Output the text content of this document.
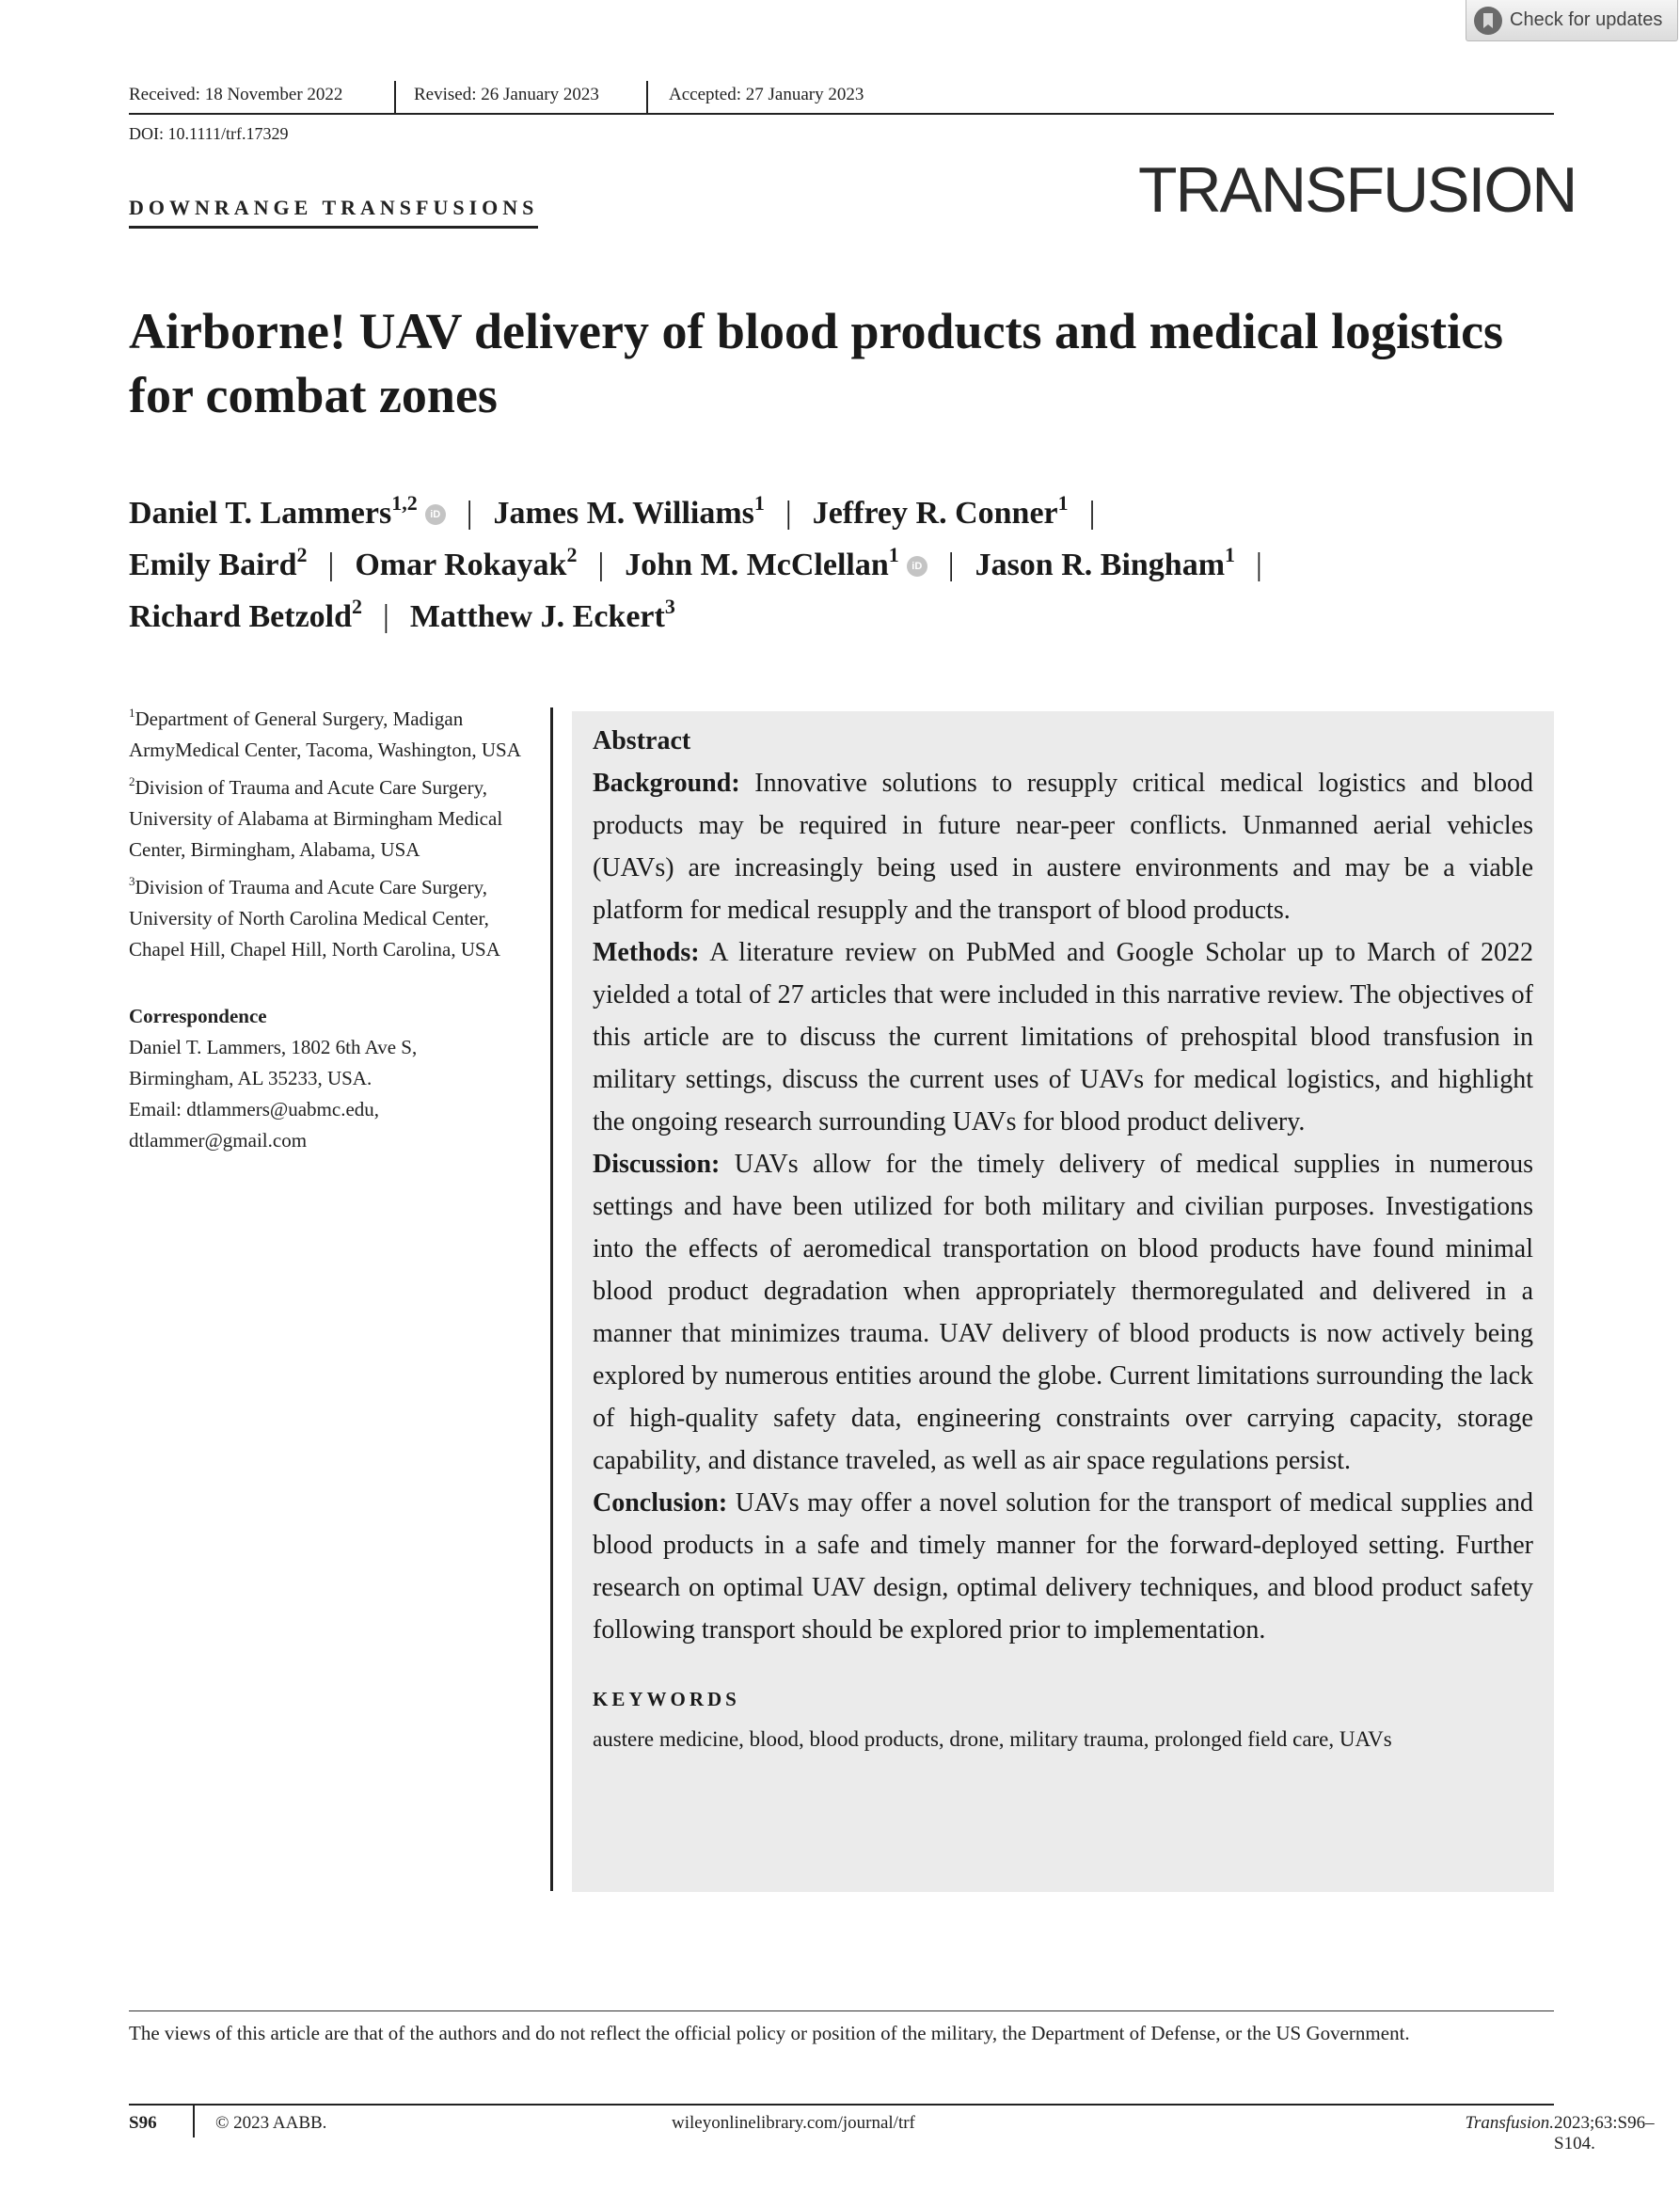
Check for updates
Received: 18 November 2022	Revised: 26 January 2023	Accepted: 27 January 2023
DOI: 10.1111/trf.17329
DOWNRANGE TRANSFUSIONS	TRANSFUSION
Airborne! UAV delivery of blood products and medical logistics for combat zones
Daniel T. Lammers$^{1,2}$ iD | James M. Williams$^1$ | Jeffrey R. Conner$^1$ |
Emily Baird$^2$ | Omar Rokayak$^2$ | John M. McClellan$^1$ iD | Jason R. Bingham$^1$ |
Richard Betzold$^2$ | Matthew J. Eckert$^3$

$^1$Department of General Surgery, Madigan ArmyMedical Center, Tacoma, Washington, USA

$^2$Division of Trauma and Acute Care Surgery, University of Alabama at Birmingham Medical Center, Birmingham, Alabama, USA

$^3$Division of Trauma and Acute Care Surgery, University of North Carolina Medical Center, Chapel Hill, Chapel Hill, North Carolina, USA

Correspondence

Daniel T. Lammers, 1802 6th Ave S,

Birmingham, AL 35233, USA.

Email: dtlammers@uabmc.edu,

dtlammer@gmail.com

Abstract

Background: Innovative solutions to resupply critical medical logistics and blood products may be required in future near-peer conflicts. Unmanned aerial vehicles (UAVs) are increasingly being used in austere environments and may be a viable platform for medical resupply and the transport of blood products.

Methods: A literature review on PubMed and Google Scholar up to March of 2022 yielded a total of 27 articles that were included in this narrative review. The objectives of this article are to discuss the current limitations of prehospital blood transfusion in military settings, discuss the current uses of UAVs for medical logistics, and highlight the ongoing research surrounding UAVs for blood product delivery.

Discussion: UAVs allow for the timely delivery of medical supplies in numerous settings and have been utilized for both military and civilian purposes. Investigations into the effects of aeromedical transportation on blood products have found minimal blood product degradation when appropriately thermoregulated and delivered in a manner that minimizes trauma. UAV delivery of blood products is now actively being explored by numerous entities around the globe. Current limitations surrounding the lack of high-quality safety data, engineering constraints over carrying capacity, storage capability, and distance traveled, as well as air space regulations persist.

Conclusion: UAVs may offer a novel solution for the transport of medical supplies and blood products in a safe and timely manner for the forward-deployed setting. Further research on optimal UAV design, optimal delivery techniques, and blood product safety following transport should be explored prior to implementation.

KEYWORDS

austere medicine, blood, blood products, drone, military trauma, prolonged field care, UAVs

The views of this article are that of the authors and do not reflect the official policy or position of the military, the Department of Defense, or the US Government.
S96	© 2023 AABB.	wileyonlinelibrary.com/journal/trf	Transfusion. 2023;63:S96–S104.
